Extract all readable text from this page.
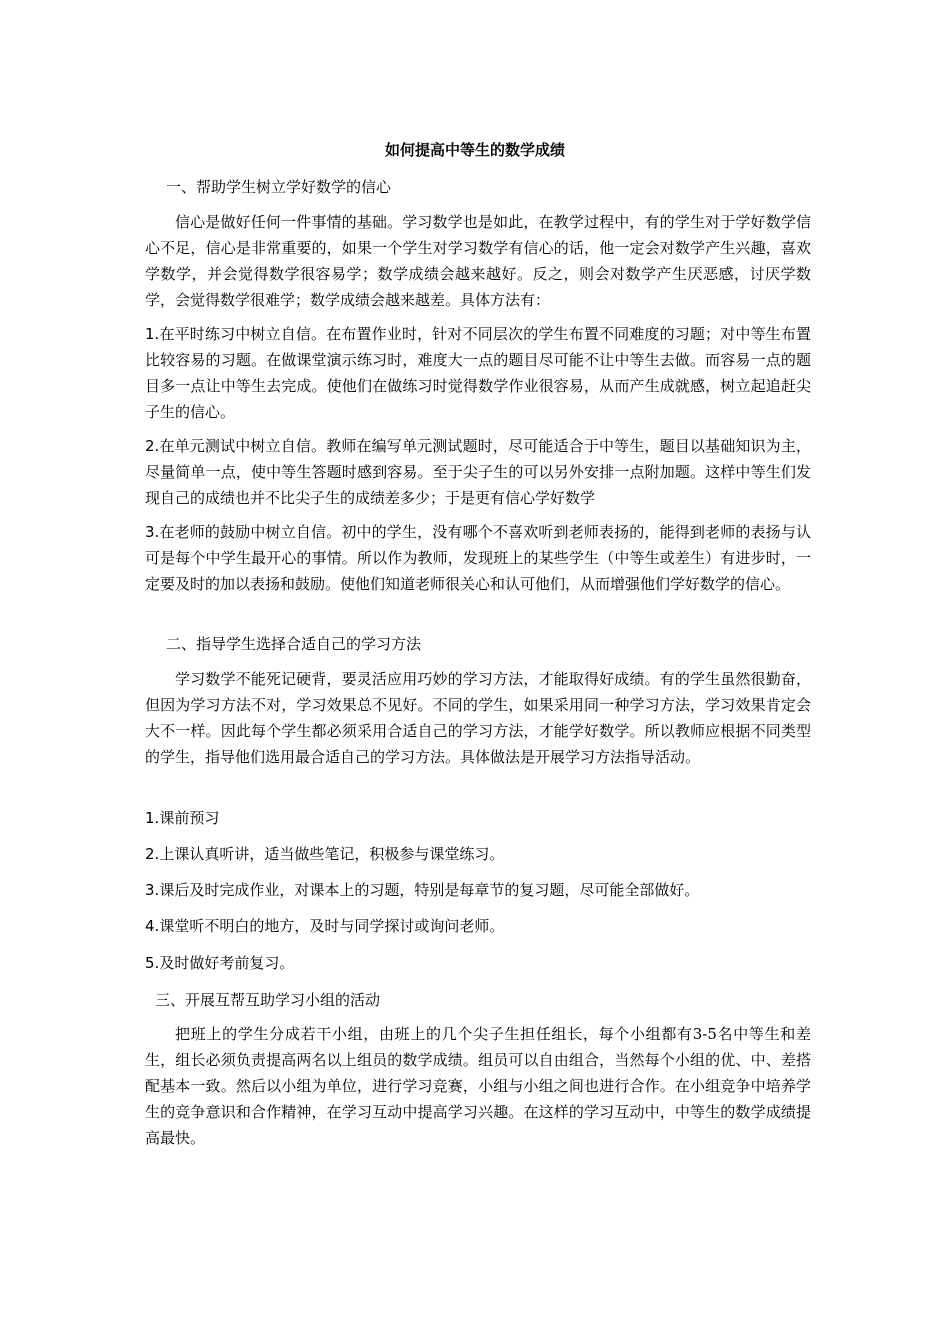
如何提高中等生的数学成绩
一、帮助学生树立学好数学的信心
信心是做好任何一件事情的基础。学习数学也是如此，在教学过程中，有的学生对于学好数学信心不足，信心是非常重要的，如果一个学生对学习数学有信心的话，他一定会对数学产生兴趣，喜欢学数学，并会觉得数学很容易学；数学成绩会越来越好。反之，则会对数学产生厌恶感，讨厌学数学，会觉得数学很难学；数学成绩会越来越差。具体方法有：
1.在平时练习中树立自信。在布置作业时，针对不同层次的学生布置不同难度的习题；对中等生布置比较容易的习题。在做课堂演示练习时，难度大一点的题目尽可能不让中等生去做。而容易一点的题目多一点让中等生去完成。使他们在做练习时觉得数学作业很容易，从而产生成就感，树立起追赶尖子生的信心。
2.在单元测试中树立自信。教师在编写单元测试题时，尽可能适合于中等生，题目以基础知识为主，尽量简单一点，使中等生答题时感到容易。至于尖子生的可以另外安排一点附加题。这样中等生们发现自己的成绩也并不比尖子生的成绩差多少；于是更有信心学好数学
3.在老师的鼓励中树立自信。初中的学生，没有哪个不喜欢听到老师表扬的，能得到老师的表扬与认可是每个中学生最开心的事情。所以作为教师，发现班上的某些学生（中等生或差生）有进步时，一定要及时的加以表扬和鼓励。使他们知道老师很关心和认可他们，从而增强他们学好数学的信心。
二、指导学生选择合适自己的学习方法
学习数学不能死记硬背，要灵活应用巧妙的学习方法，才能取得好成绩。有的学生虽然很勤奋，但因为学习方法不对，学习效果总不见好。不同的学生，如果采用同一种学习方法，学习效果肯定会大不一样。因此每个学生都必须采用合适自己的学习方法，才能学好数学。所以教师应根据不同类型的学生，指导他们选用最合适自己的学习方法。具体做法是开展学习方法指导活动。
1.课前预习
2.上课认真听讲，适当做些笔记，积极参与课堂练习。
3.课后及时完成作业，对课本上的习题，特别是每章节的复习题，尽可能全部做好。
4.课堂听不明白的地方，及时与同学探讨或询问老师。
5.及时做好考前复习。
三、开展互帮互助学习小组的活动
把班上的学生分成若干小组，由班上的几个尖子生担任组长，每个小组都有3-5名中等生和差生，组长必须负责提高两名以上组员的数学成绩。组员可以自由组合，当然每个小组的优、中、差搭配基本一致。然后以小组为单位，进行学习竞赛，小组与小组之间也进行合作。在小组竞争中培养学生的竞争意识和合作精神，在学习互动中提高学习兴趣。在这样的学习互动中，中等生的数学成绩提高最快。
